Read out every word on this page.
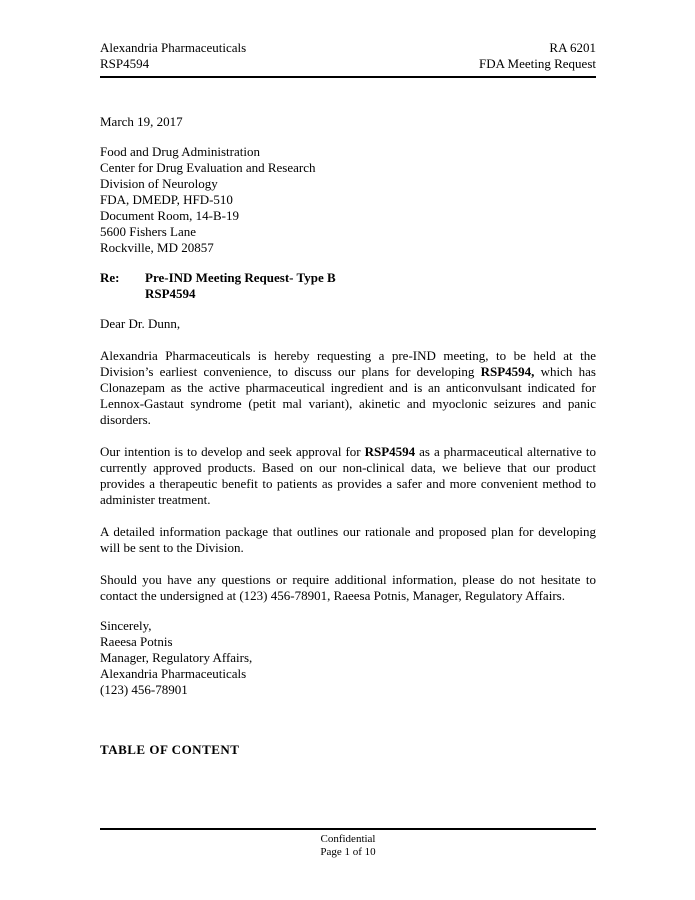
Alexandria Pharmaceuticals
RSP4594
RA 6201
FDA Meeting Request

March 19, 2017

Food and Drug Administration
Center for Drug Evaluation and Research
Division of Neurology
FDA, DMEDP, HFD-510
Document Room, 14-B-19
5600 Fishers Lane
Rockville, MD 20857
Re:	Pre-IND Meeting Request- Type B
RSP4594

Dear Dr. Dunn,

Alexandria Pharmaceuticals is hereby requesting a pre-IND meeting, to be held at the Division’s earliest convenience, to discuss our plans for developing RSP4594, which has Clonazepam as the active pharmaceutical ingredient and is an anticonvulsant indicated for Lennox-Gastaut syndrome (petit mal variant), akinetic and myoclonic seizures and panic disorders.

Our intention is to develop and seek approval for RSP4594 as a pharmaceutical alternative to currently approved products. Based on our non-clinical data, we believe that our product provides a therapeutic benefit to patients as provides a safer and more convenient method to administer treatment.

A detailed information package that outlines our rationale and proposed plan for developing will be sent to the Division.

Should you have any questions or require additional information, please do not hesitate to contact the undersigned at (123) 456-78901, Raeesa Potnis, Manager, Regulatory Affairs.

Sincerely,

Raeesa Potnis
Manager, Regulatory Affairs,
Alexandria Pharmaceuticals
(123) 456-78901
TABLE OF CONTENT
Confidential
Page 1 of 10
